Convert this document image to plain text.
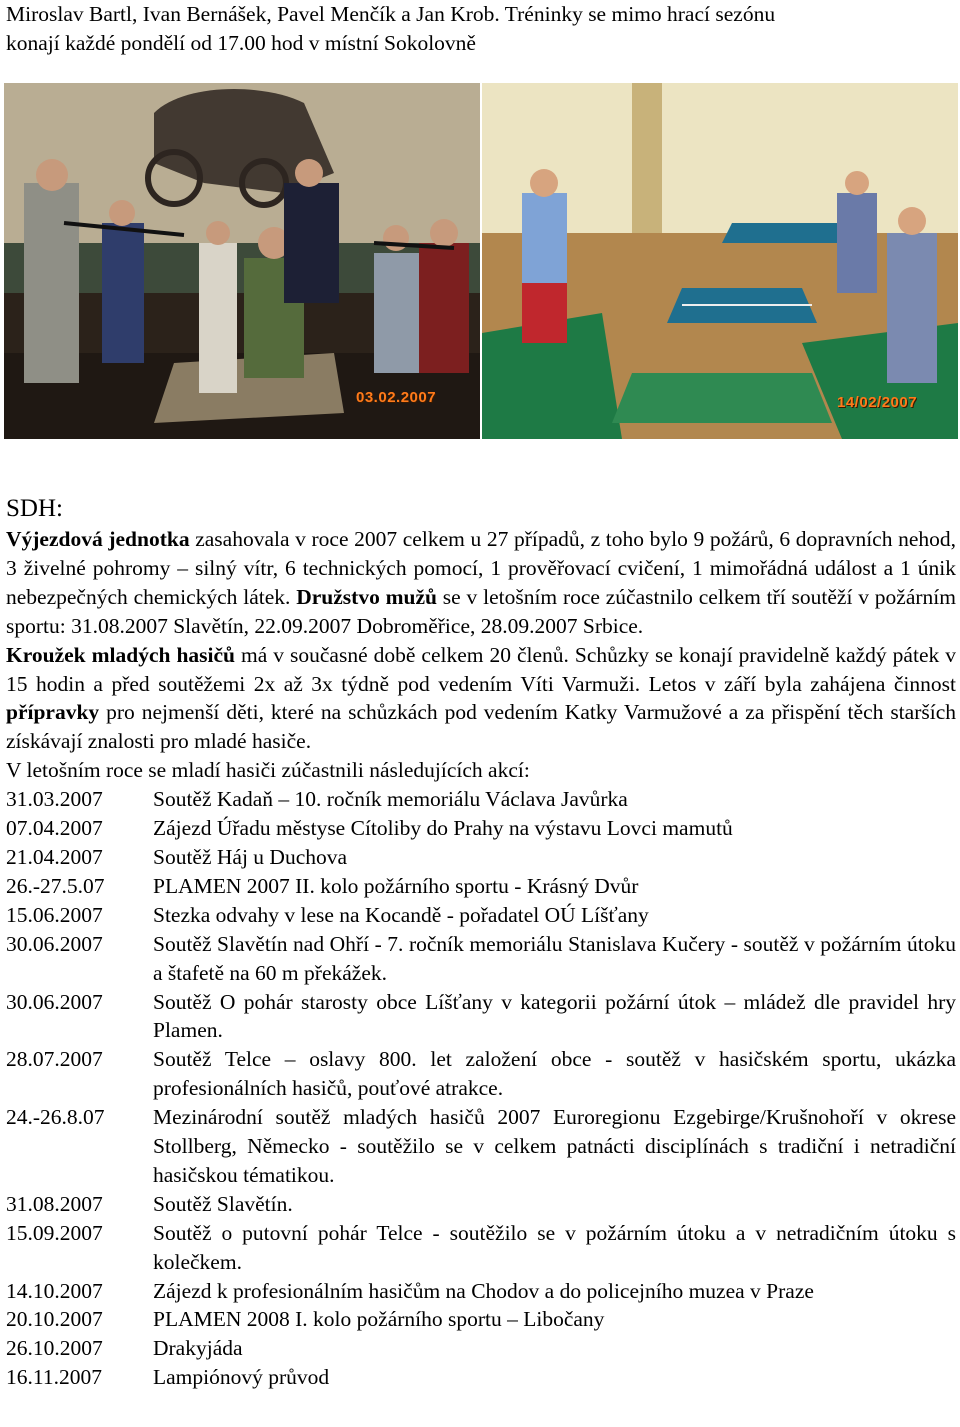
Miroslav Bartl, Ivan Bernášek, Pavel Menčík a Jan Krob. Tréninky se mimo hrací sezónu
konají každé pondělí od 17.00 hod v místní Sokolovně

03.02.2007	14/02/2007
SDH:

Výjezdová jednotka zasahovala v roce 2007 celkem u 27 případů, z toho bylo 9 požárů, 6 dopravních nehod, 3 živelné pohromy – silný vítr, 6 technických pomocí, 1 prověřovací cvičení, 1 mimořádná událost a 1 únik nebezpečných chemických látek. Družstvo mužů se v letošním roce zúčastnilo celkem tří soutěží v požárním sportu: 31.08.2007 Slavětín, 22.09.2007 Dobroměřice, 28.09.2007 Srbice.

Kroužek mladých hasičů má v současné době celkem 20 členů. Schůzky se konají pravidelně každý pátek v 15 hodin a před soutěžemi 2x až 3x týdně pod vedením Víti Varmuži. Letos v září byla zahájena činnost přípravky pro nejmenší děti, které na schůzkách pod vedením Katky Varmužové a za přispění těch starších získávají znalosti pro mladé hasiče.

V letošním roce se mladí hasiči zúčastnili následujících akcí:

31.03.2007	Soutěž Kadaň – 10. ročník memoriálu Václava Javůrka
07.04.2007	Zájezd Úřadu městyse Cítoliby do Prahy na výstavu Lovci mamutů
21.04.2007	Soutěž Háj u Duchova
26.-27.5.07	PLAMEN 2007 II. kolo požárního sportu - Krásný Dvůr
15.06.2007	Stezka odvahy v lese na Kocandě - pořadatel OÚ Líšťany
30.06.2007	Soutěž Slavětín nad Ohří - 7. ročník memoriálu Stanislava Kučery - soutěž v požárním útoku a štafetě na 60 m překážek.
30.06.2007	Soutěž O pohár starosty obce Líšťany v kategorii požární útok – mládež dle pravidel hry Plamen.
28.07.2007	Soutěž Telce – oslavy 800. let založení obce - soutěž v hasičském sportu, ukázka profesionálních hasičů, pouťové atrakce.
24.-26.8.07	Mezinárodní soutěž mladých hasičů 2007 Euroregionu Ezgebirge/Krušnohoří v okrese Stollberg, Německo - soutěžilo se v celkem patnácti disciplínách s tradiční i netradiční hasičskou tématikou.
31.08.2007	Soutěž Slavětín.
15.09.2007	Soutěž o putovní pohár Telce - soutěžilo se v požárním útoku a v netradičním útoku s kolečkem.
14.10.2007	Zájezd k profesionálním hasičům na Chodov a do policejního muzea v Praze
20.10.2007	PLAMEN 2008 I. kolo požárního sportu – Libočany
26.10.2007	Drakyjáda
16.11.2007	Lampiónový průvod
